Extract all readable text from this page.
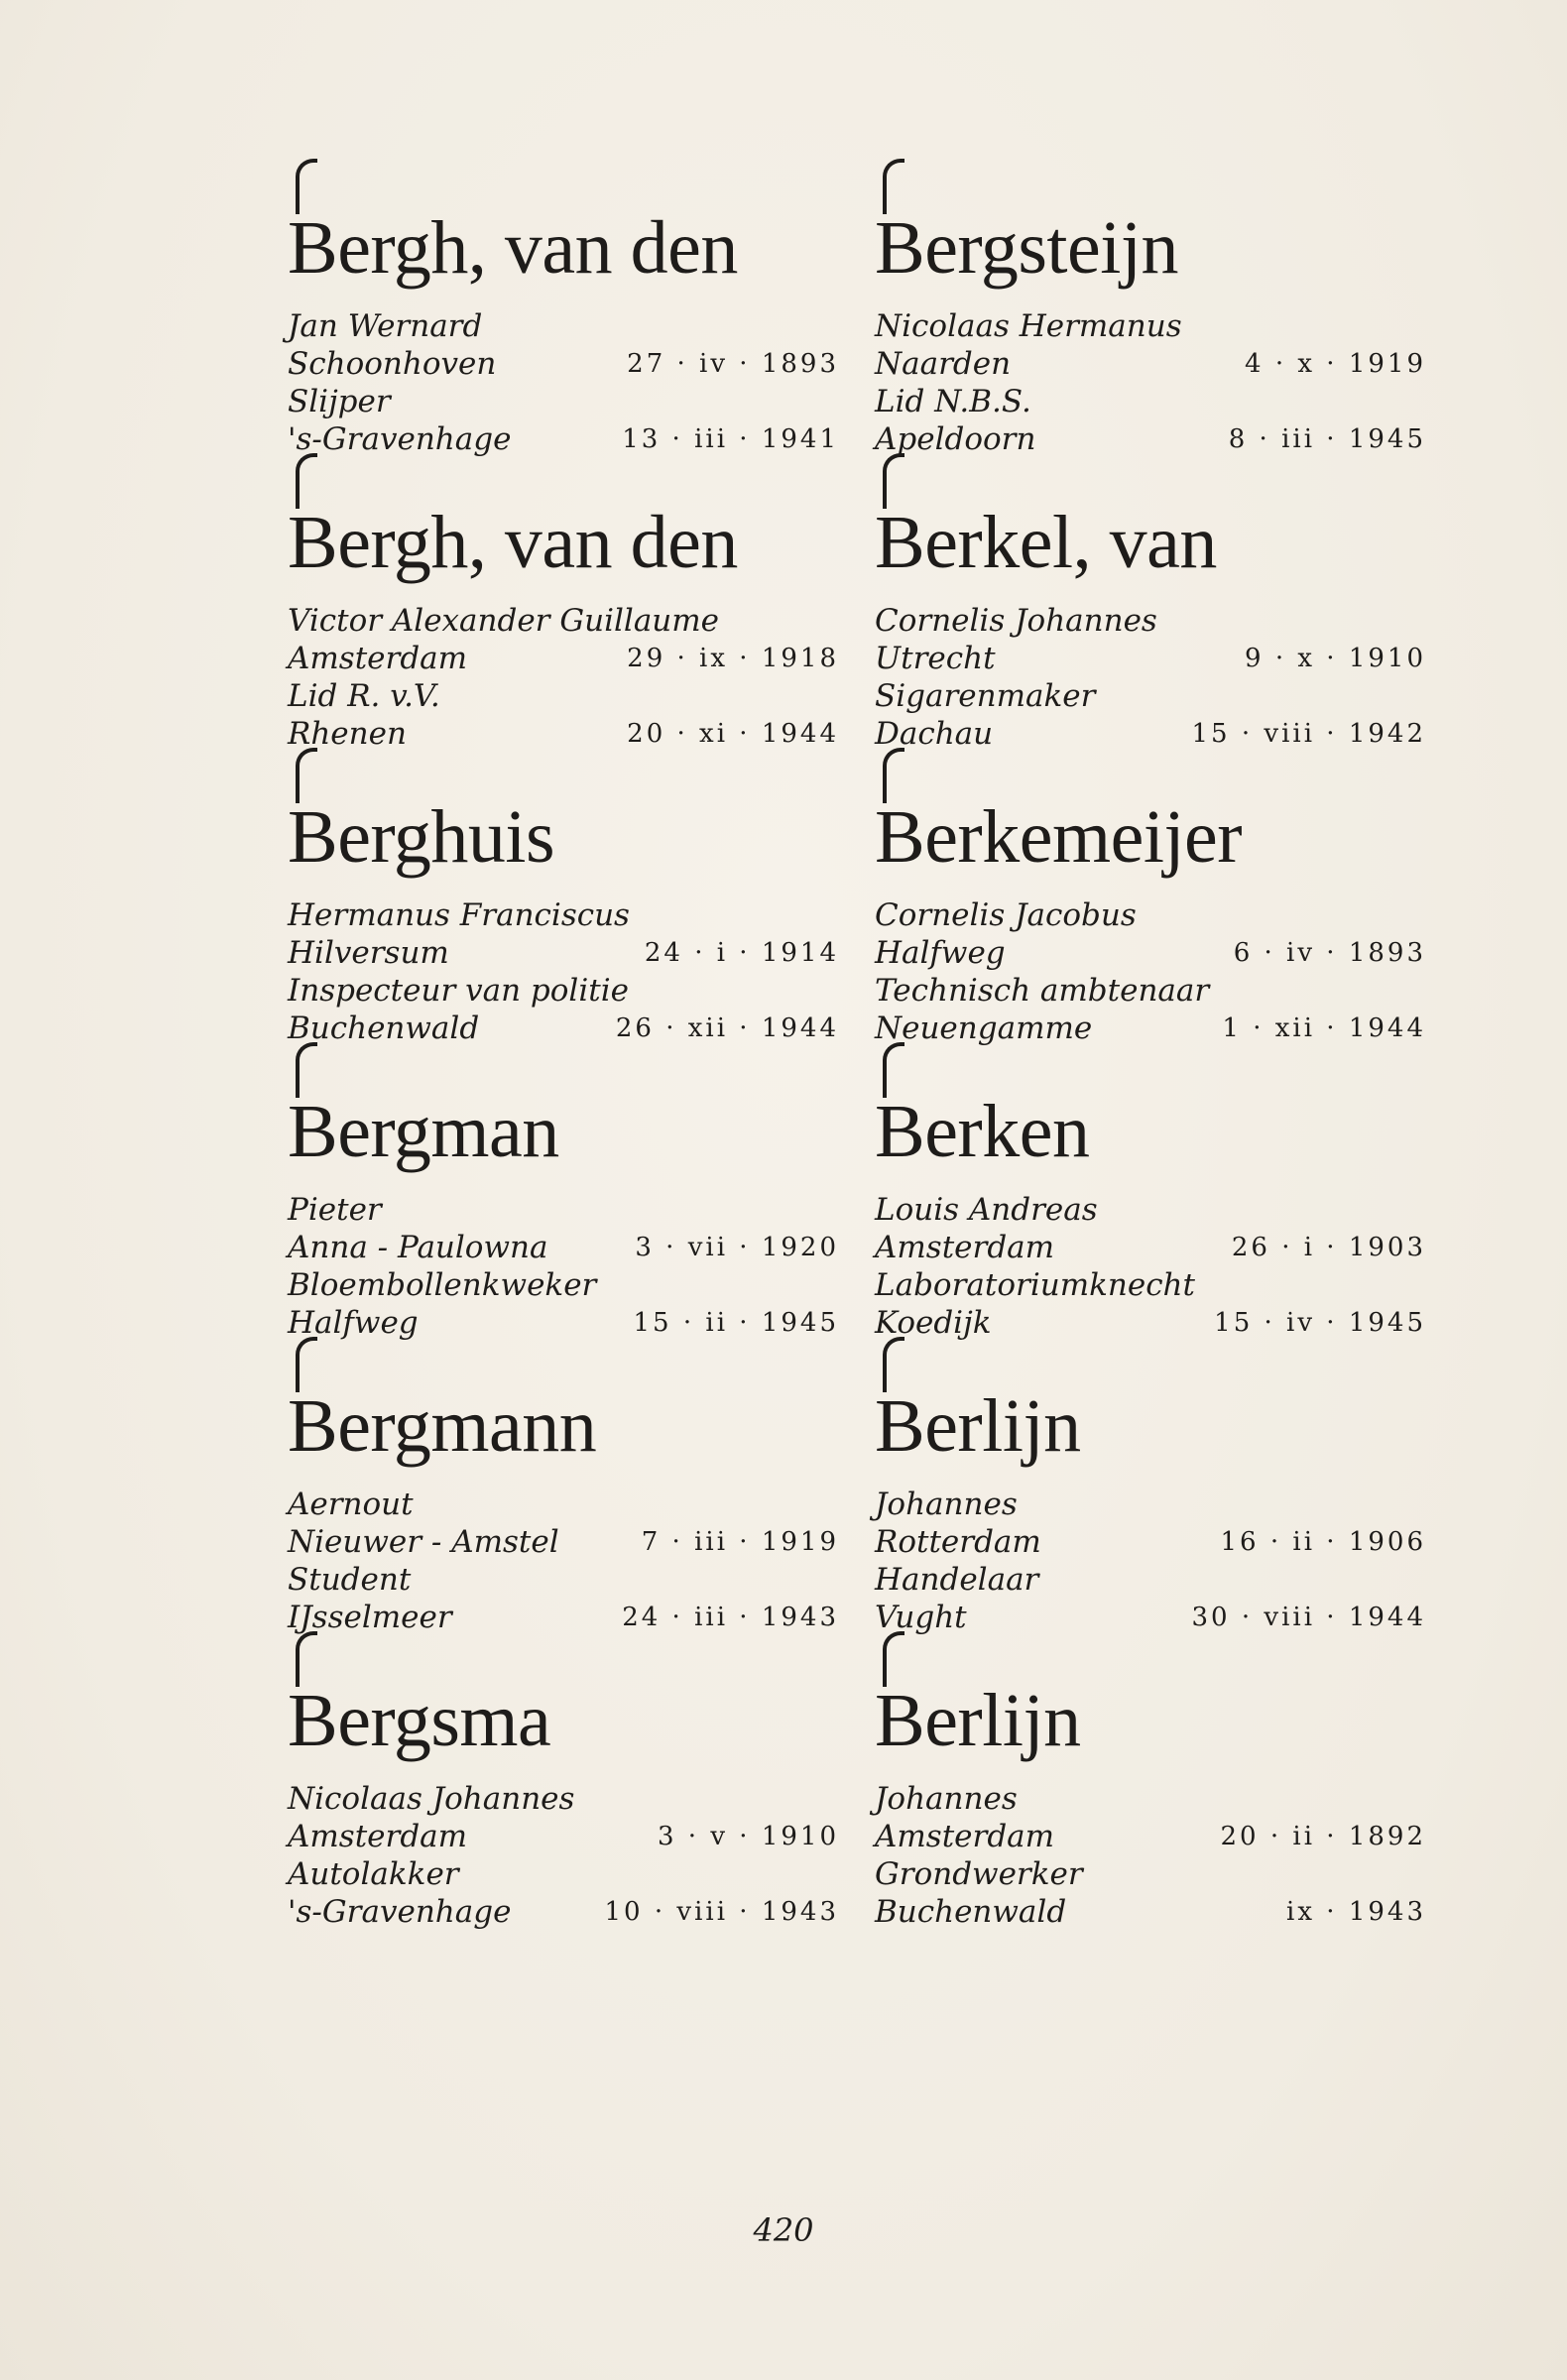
Bergh, van den
Jan Wernard
Schoonhoven	27 · iv · 1893
Slijper
's-Gravenhage	13 · iii · 1941
Bergh, van den
Victor Alexander Guillaume
Amsterdam	29 · ix · 1918
Lid R. v.V.
Rhenen	20 · xi · 1944
Berghuis
Hermanus Franciscus
Hilversum	24 · i · 1914
Inspecteur van politie
Buchenwald	26 · xii · 1944
Bergman
Pieter
Anna - Paulowna	3 · vii · 1920
Bloembollenkweker
Halfweg	15 · ii · 1945
Bergmann
Aernout
Nieuwer - Amstel	7 · iii · 1919
Student
IJsselmeer	24 · iii · 1943
Bergsma
Nicolaas Johannes
Amsterdam	3 · v · 1910
Autolakker
's-Gravenhage	10 · viii · 1943
Bergsteijn
Nicolaas Hermanus
Naarden	4 · x · 1919
Lid N.B.S.
Apeldoorn	8 · iii · 1945
Berkel, van
Cornelis Johannes
Utrecht	9 · x · 1910
Sigarenmaker
Dachau	15 · viii · 1942
Berkemeijer
Cornelis Jacobus
Halfweg	6 · iv · 1893
Technisch ambtenaar
Neuengamme	1 · xii · 1944
Berken
Louis Andreas
Amsterdam	26 · i · 1903
Laboratoriumknecht
Koedijk	15 · iv · 1945
Berlijn
Johannes
Rotterdam	16 · ii · 1906
Handelaar
Vught	30 · viii · 1944
Berlijn
Johannes
Amsterdam	20 · ii · 1892
Grondwerker
Buchenwald	ix · 1943
420
